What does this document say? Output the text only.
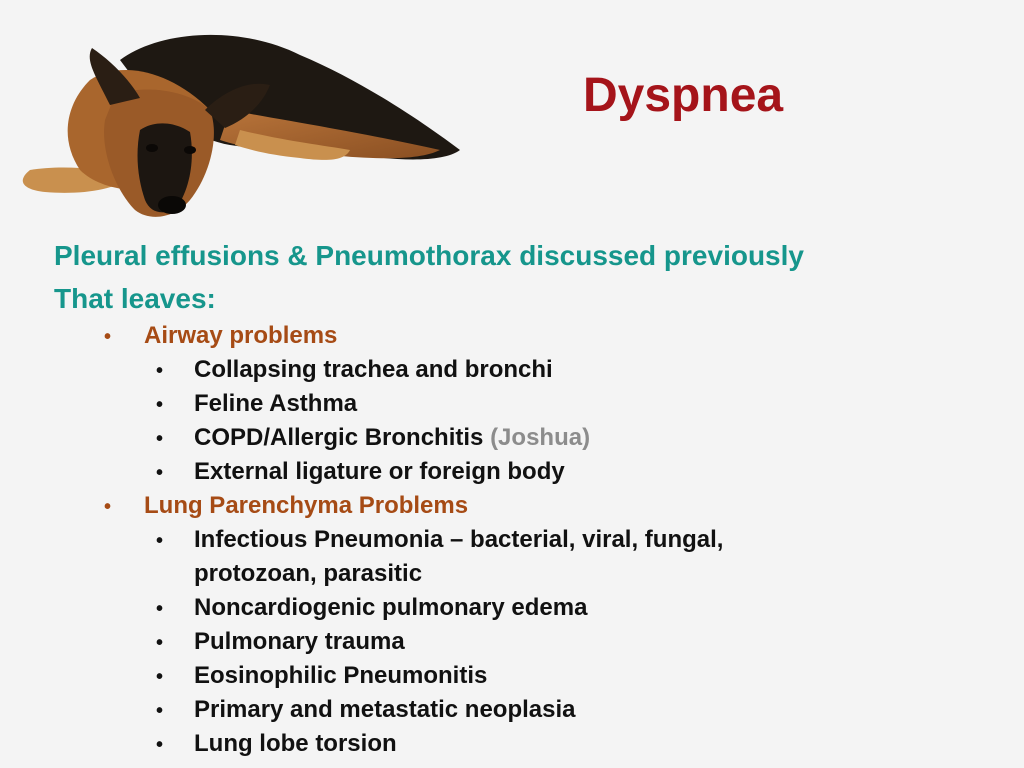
Dyspnea
Pleural effusions & Pneumothorax discussed previously
That leaves:
• Airway problems
• Collapsing trachea and bronchi
• Feline Asthma
• COPD/Allergic Bronchitis (Joshua)
• External ligature or foreign body
• Lung Parenchyma Problems
• Infectious Pneumonia – bacterial, viral, fungal,
protozoan, parasitic
• Noncardiogenic pulmonary edema
• Pulmonary trauma
• Eosinophilic Pneumonitis
• Primary and metastatic neoplasia
• Lung lobe torsion
